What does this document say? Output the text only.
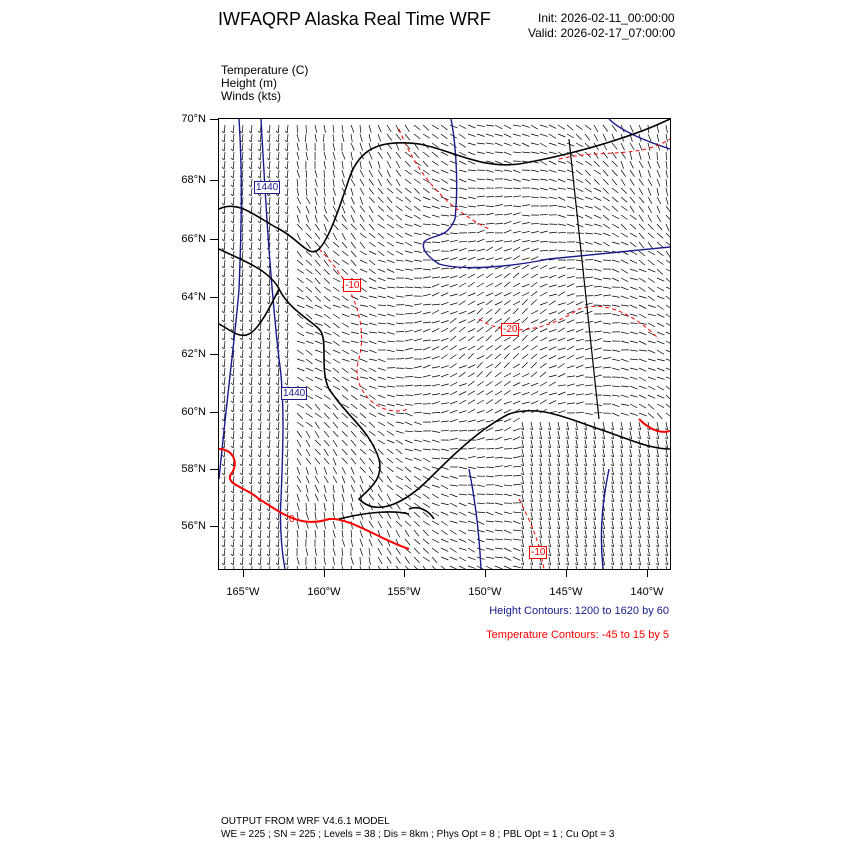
IWFAQRP Alaska Real Time WRF	Init: 2026-02-11_00:00:00
Valid: 2026-02-17_07:00:00
Temperature (C)
Height (m)
Winds (kts)
70°N
68°N
66°N
64°N
62°N
60°N
58°N
56°N
165°W	160°W	155°W	150°W	145°W	140°W
1440
1440
-10
-20
-10
0
Height Contours: 1200 to 1620 by 60
Temperature Contours: -45 to 15 by 5
OUTPUT FROM WRF V4.6.1 MODEL
WE = 225 ; SN = 225 ; Levels = 38 ; Dis = 8km ; Phys Opt = 8 ; PBL Opt = 1 ; Cu Opt = 3
